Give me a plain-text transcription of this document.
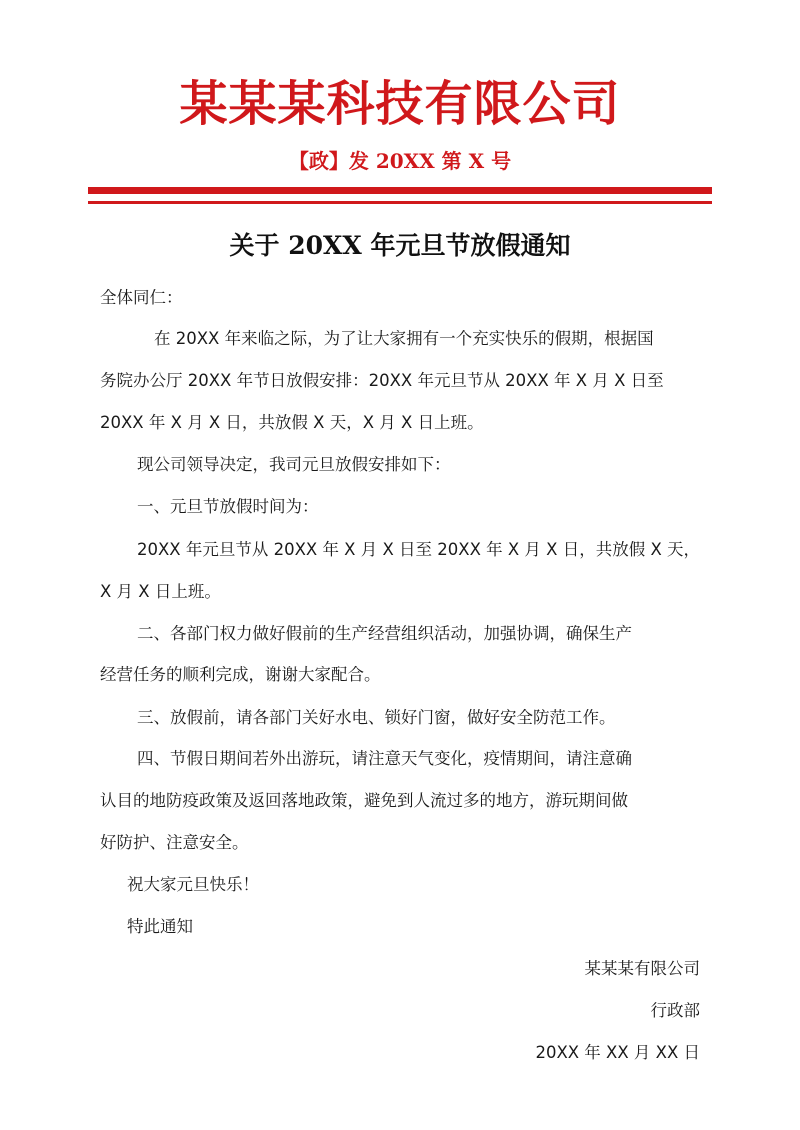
某某某科技有限公司
【政】发 20XX 第 X 号
关于 20XX 年元旦节放假通知
全体同仁：
在 20XX 年来临之际，为了让大家拥有一个充实快乐的假期，根据国
务院办公厅 20XX 年节日放假安排：20XX 年元旦节从 20XX 年 X 月 X 日至
20XX 年 X 月 X 日，共放假 X 天，X 月 X 日上班。
现公司领导决定，我司元旦放假安排如下：
一、元旦节放假时间为：
20XX 年元旦节从 20XX 年 X 月 X 日至 20XX 年 X 月 X 日，共放假 X 天，
X 月 X 日上班。
二、各部门权力做好假前的生产经营组织活动，加强协调，确保生产
经营任务的顺利完成，谢谢大家配合。
三、放假前，请各部门关好水电、锁好门窗，做好安全防范工作。
四、节假日期间若外出游玩，请注意天气变化，疫情期间，请注意确
认目的地防疫政策及返回落地政策，避免到人流过多的地方，游玩期间做
好防护、注意安全。
祝大家元旦快乐！
特此通知
某某某有限公司
行政部
20XX 年 XX 月 XX 日
